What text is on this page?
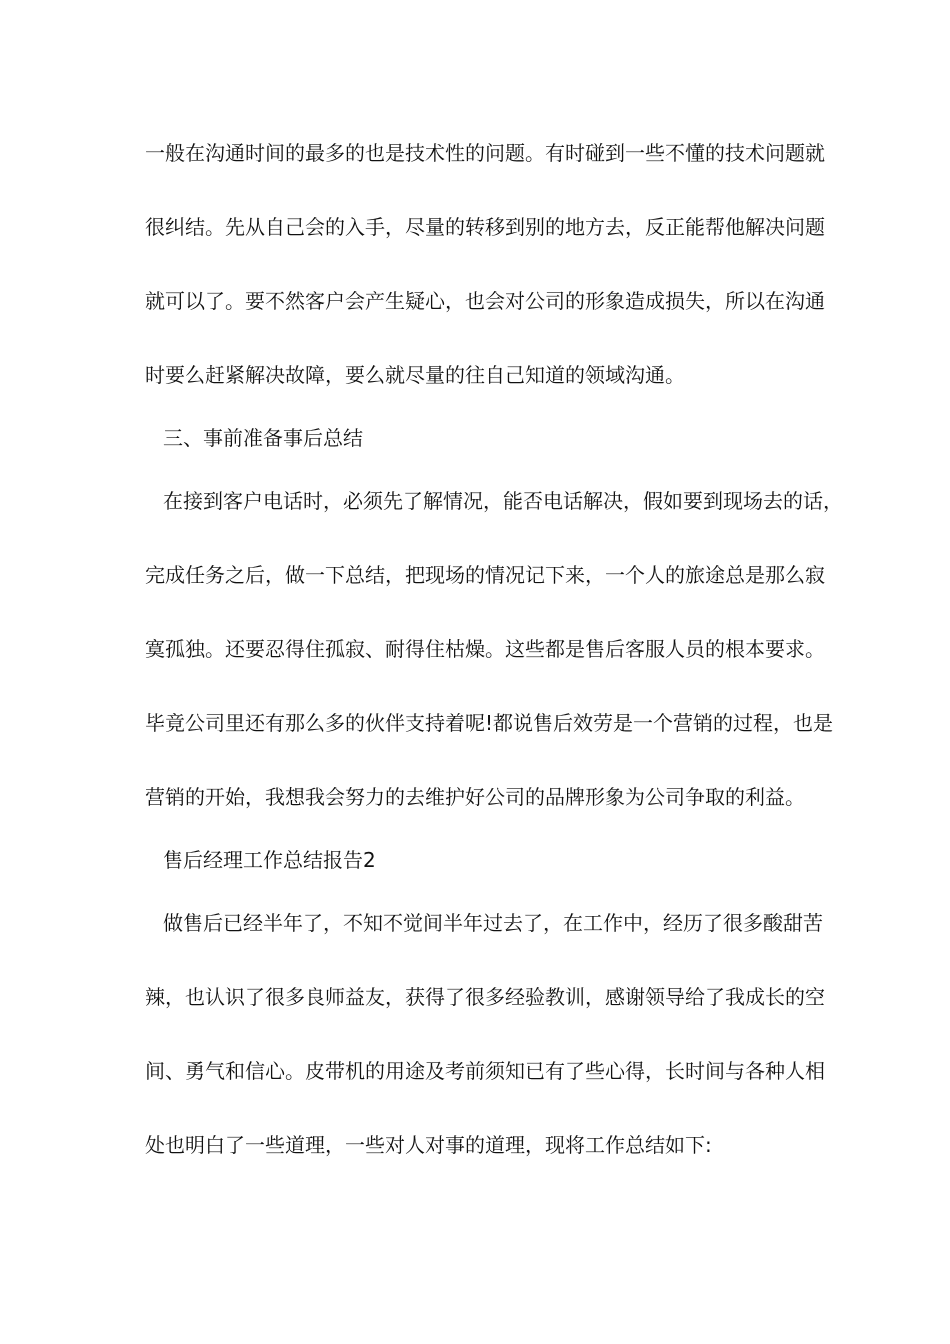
一般在沟通时间的最多的也是技术性的问题。有时碰到一些不懂的技术问题就
很纠结。先从自己会的入手，尽量的转移到别的地方去，反正能帮他解决问题
就可以了。要不然客户会产生疑心，也会对公司的形象造成损失，所以在沟通
时要么赶紧解决故障，要么就尽量的往自己知道的领域沟通。
三、事前准备事后总结
在接到客户电话时，必须先了解情况，能否电话解决，假如要到现场去的话，
完成任务之后，做一下总结，把现场的情况记下来，一个人的旅途总是那么寂
寞孤独。还要忍得住孤寂、耐得住枯燥。这些都是售后客服人员的根本要求。
毕竟公司里还有那么多的伙伴支持着呢!都说售后效劳是一个营销的过程，也是
营销的开始，我想我会努力的去维护好公司的品牌形象为公司争取的利益。
售后经理工作总结报告2
做售后已经半年了，不知不觉间半年过去了，在工作中，经历了很多酸甜苦
辣，也认识了很多良师益友，获得了很多经验教训，感谢领导给了我成长的空
间、勇气和信心。皮带机的用途及考前须知已有了些心得，长时间与各种人相
处也明白了一些道理，一些对人对事的道理，现将工作总结如下:
